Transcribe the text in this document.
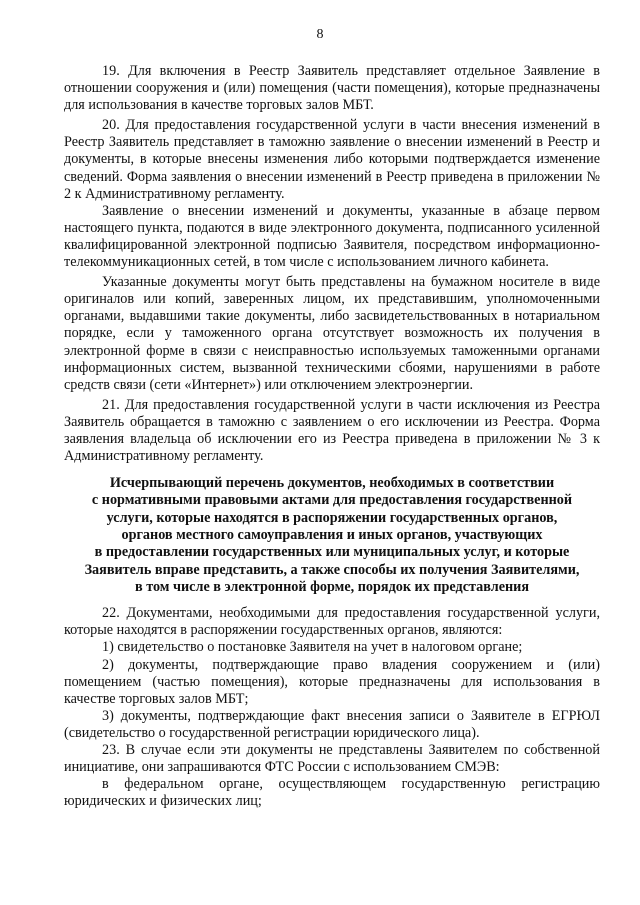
8

19. Для включения в Реестр Заявитель представляет отдельное Заявление в отношении сооружения и (или) помещения (части помещения), которые предназначены для использования в качестве торговых залов МБТ.

20. Для предоставления государственной услуги в части внесения изменений в Реестр Заявитель представляет в таможню заявление о внесении изменений в Реестр и документы, в которые внесены изменения либо которыми подтверждается изменение сведений. Форма заявления о внесении изменений в Реестр приведена в приложении № 2 к Административному регламенту.

Заявление о внесении изменений и документы, указанные в абзаце первом настоящего пункта, подаются в виде электронного документа, подписанного усиленной квалифицированной электронной подписью Заявителя, посредством информационно-телекоммуникационных сетей, в том числе с использованием личного кабинета.

Указанные документы могут быть представлены на бумажном носителе в виде оригиналов или копий, заверенных лицом, их представившим, уполномоченными органами, выдавшими такие документы, либо засвидетельствованных в нотариальном порядке, если у таможенного органа отсутствует возможность их получения в электронной форме в связи с неисправностью используемых таможенными органами информационных систем, вызванной техническими сбоями, нарушениями в работе средств связи (сети «Интернет») или отключением электроэнергии.

21. Для предоставления государственной услуги в части исключения из Реестра Заявитель обращается в таможню с заявлением о его исключении из Реестра. Форма заявления владельца об исключении его из Реестра приведена в приложении № 3 к Административному регламенту.

Исчерпывающий перечень документов, необходимых в соответствии
с нормативными правовыми актами для предоставления государственной
услуги, которые находятся в распоряжении государственных органов,
органов местного самоуправления и иных органов, участвующих
в предоставлении государственных или муниципальных услуг, и которые
Заявитель вправе представить, а также способы их получения Заявителями,
в том числе в электронной форме, порядок их представления

22. Документами, необходимыми для предоставления государственной услуги, которые находятся в распоряжении государственных органов, являются:

1) свидетельство о постановке Заявителя на учет в налоговом органе;

2) документы, подтверждающие право владения сооружением и (или) помещением (частью помещения), которые предназначены для использования в качестве торговых залов МБТ;

3) документы, подтверждающие факт внесения записи о Заявителе в ЕГРЮЛ (свидетельство о государственной регистрации юридического лица).

23. В случае если эти документы не представлены Заявителем по собственной инициативе, они запрашиваются ФТС России с использованием СМЭВ:

в федеральном органе, осуществляющем государственную регистрацию юридических и физических лиц;
